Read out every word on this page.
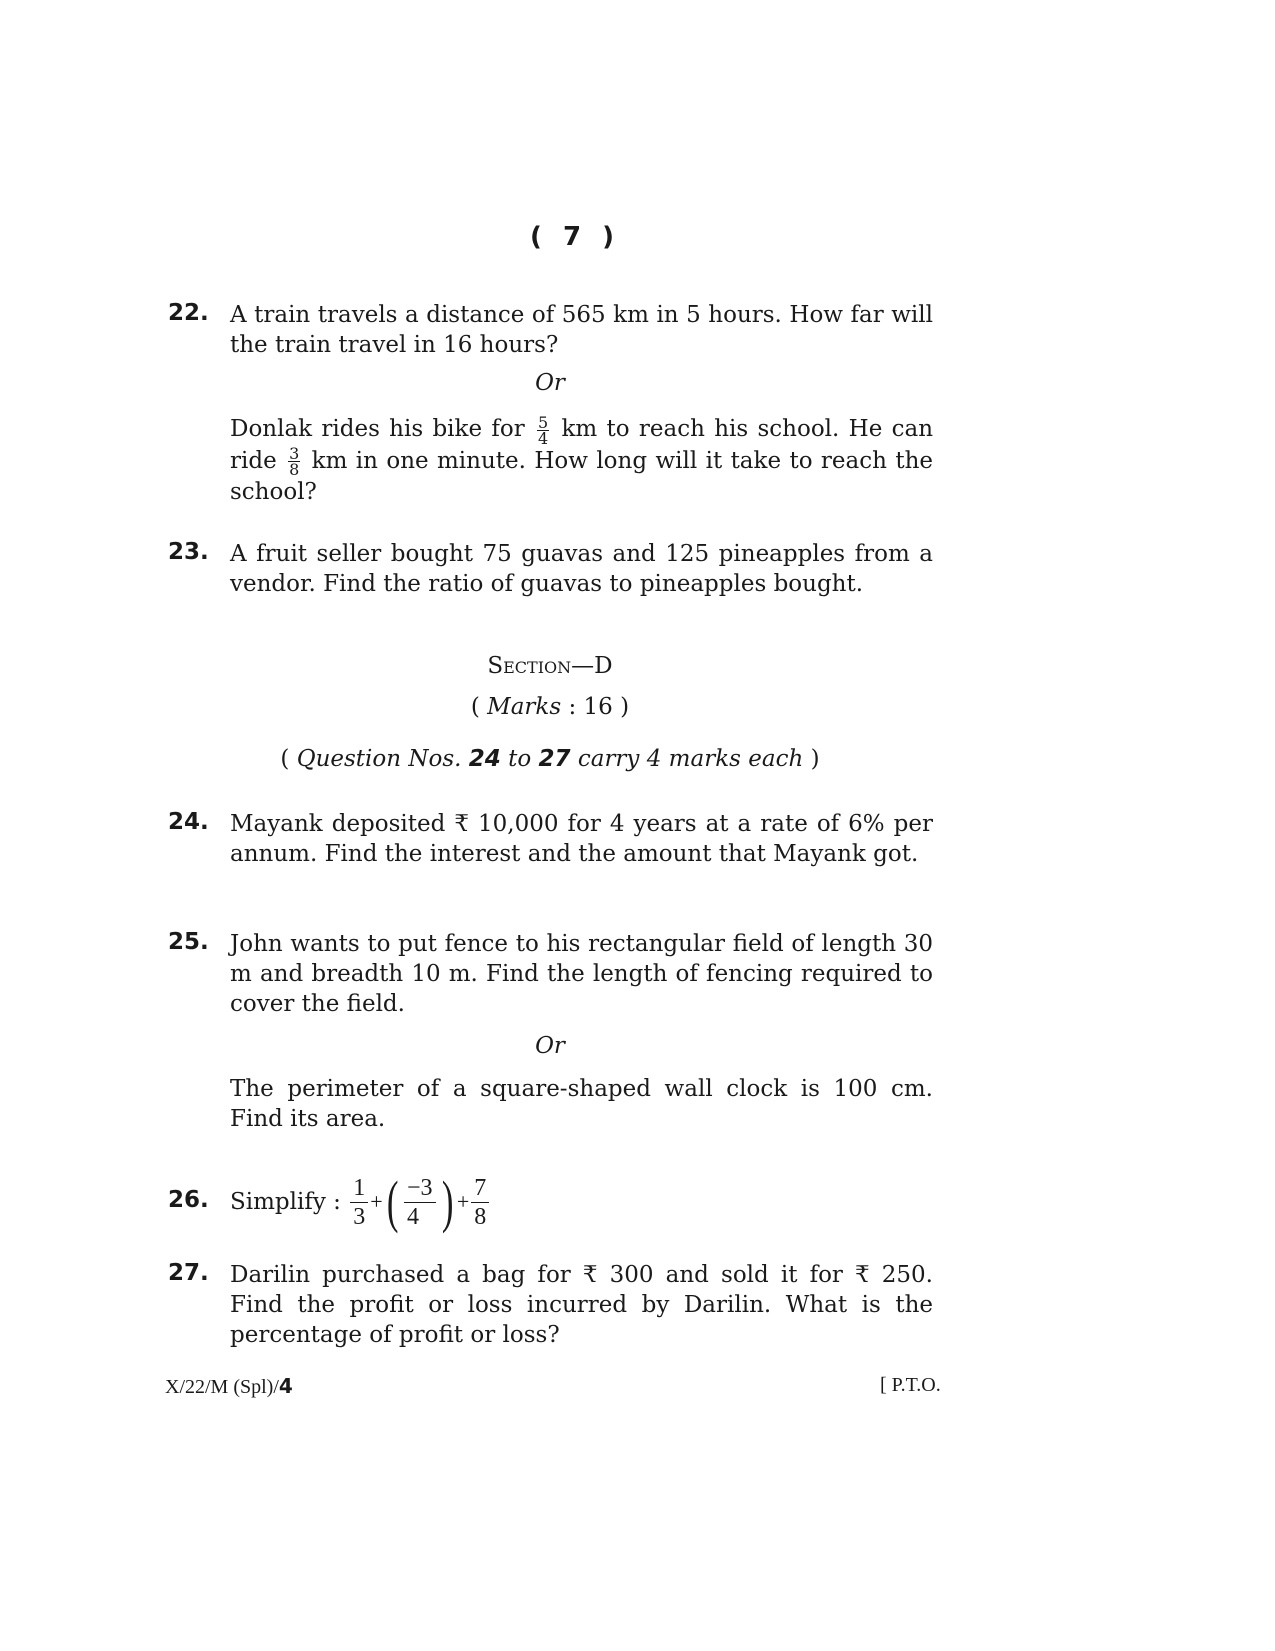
( 7 )
22. A train travels a distance of 565 km in 5 hours. How far will the train travel in 16 hours?
Or
Donlak rides his bike for $\frac{5}{4}$ km to reach his school. He can ride $\frac{3}{8}$ km in one minute. How long will it take to reach the school?
23. A fruit seller bought 75 guavas and 125 pineapples from a vendor. Find the ratio of guavas to pineapples bought.
Section—D
( Marks : 16 )
( Question Nos. 24 to 27 carry 4 marks each )
24. Mayank deposited ₹ 10,000 for 4 years at a rate of 6% per annum. Find the interest and the amount that Mayank got.
25. John wants to put fence to his rectangular field of length 30 m and breadth 10 m. Find the length of fencing required to cover the field.
Or
The perimeter of a square-shaped wall clock is 100 cm. Find its area.
26. Simplify : $\frac{1}{3}$ +( $\frac{-3}{4}$ ) + $\frac{7}{8}$
27. Darilin purchased a bag for ₹ 300 and sold it for ₹ 250. Find the profit or loss incurred by Darilin. What is the percentage of profit or loss?
X/22/M (Spl)/4	[ P.T.O.
